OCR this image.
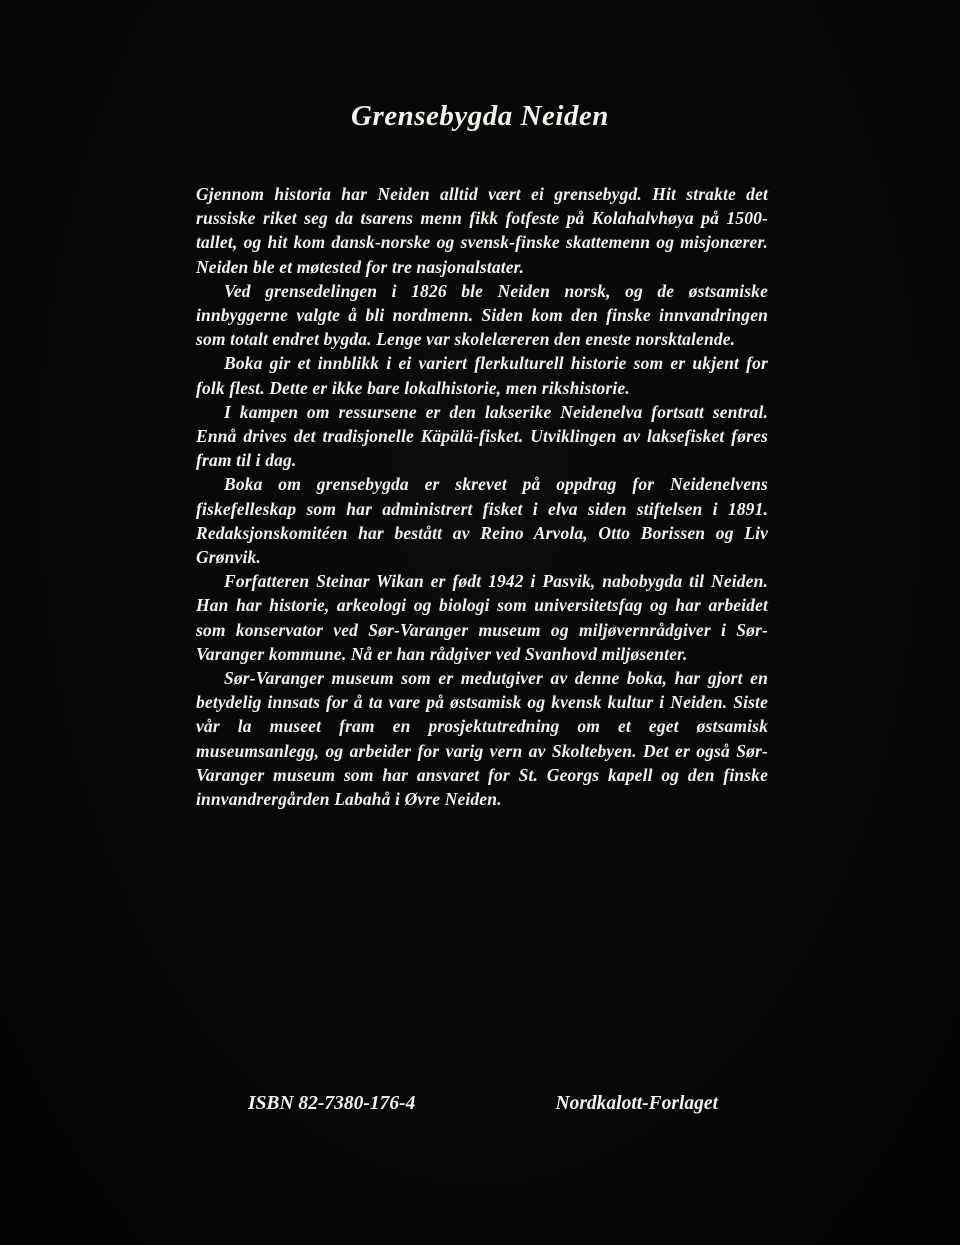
Grensebygda Neiden

Gjennom historia har Neiden alltid vært ei grensebygd. Hit strakte det russiske riket seg da tsarens menn fikk fotfeste på Kolahalvhøya på 1500-tallet, og hit kom dansk-norske og svensk-finske skattemenn og misjonærer. Neiden ble et møtested for tre nasjonalstater.

Ved grensedelingen i 1826 ble Neiden norsk, og de østsamiske innbyggerne valgte å bli nordmenn. Siden kom den finske innvandringen som totalt endret bygda. Lenge var skolelæreren den eneste norsktalende.

Boka gir et innblikk i ei variert flerkulturell historie som er ukjent for folk flest. Dette er ikke bare lokalhistorie, men rikshistorie.

I kampen om ressursene er den lakserike Neidenelva fortsatt sentral. Ennå drives det tradisjonelle Käpälä-fisket. Utviklingen av laksefisket føres fram til i dag.

Boka om grensebygda er skrevet på oppdrag for Neidenelvens fiskefelleskap som har administrert fisket i elva siden stiftelsen i 1891. Redaksjonskomitéen har bestått av Reino Arvola, Otto Borissen og Liv Grønvik.

Forfatteren Steinar Wikan er født 1942 i Pasvik, nabobygda til Neiden. Han har historie, arkeologi og biologi som universitetsfag og har arbeidet som konservator ved Sør-Varanger museum og miljøvernrådgiver i Sør-Varanger kommune. Nå er han rådgiver ved Svanhovd miljøsenter.

Sør-Varanger museum som er medutgiver av denne boka, har gjort en betydelig innsats for å ta vare på østsamisk og kvensk kultur i Neiden. Siste vår la museet fram en prosjektutredning om et eget østsamisk museumsanlegg, og arbeider for varig vern av Skoltebyen. Det er også Sør-Varanger museum som har ansvaret for St. Georgs kapell og den finske innvandrergården Labahå i Øvre Neiden.

ISBN 82-7380-176-4	Nordkalott-Forlaget
